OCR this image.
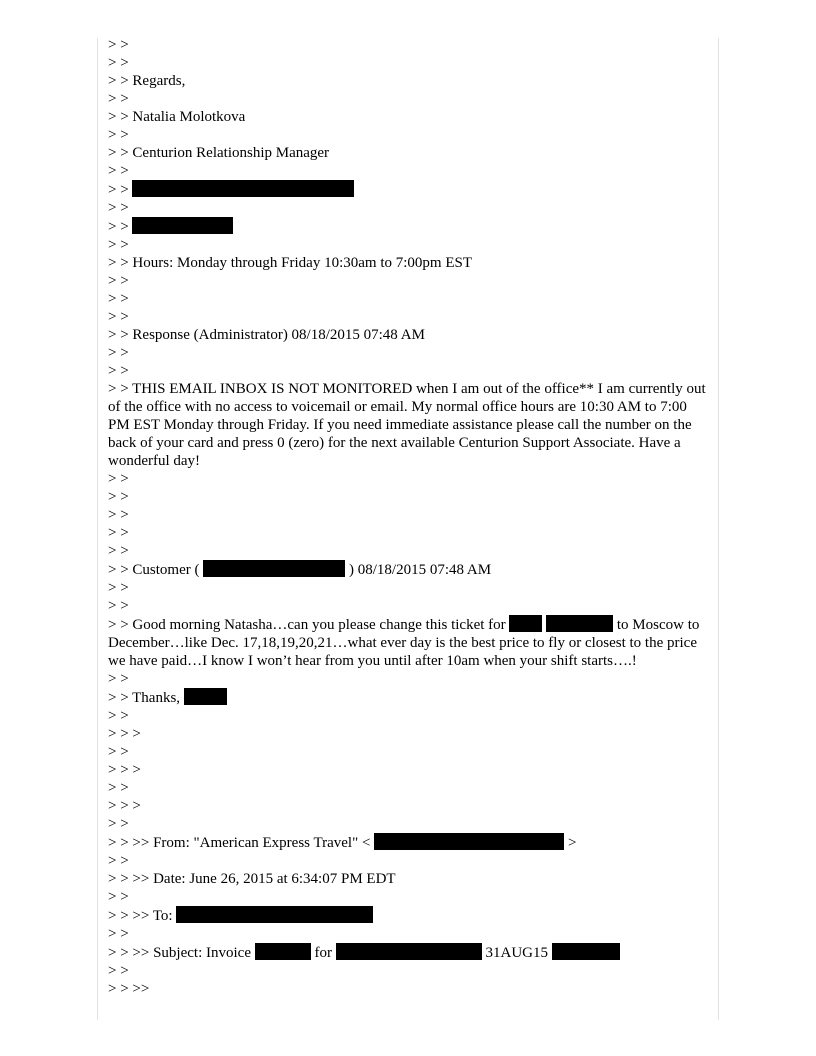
> >
> >
> > Regards,
> >
> > Natalia Molotkova
> >
> > Centurion Relationship Manager
> >
> >
> >
> >
> >
> > Hours: Monday through Friday 10:30am to 7:00pm EST
> >
> >
> >
> > Response (Administrator) 08/18/2015 07:48 AM
> >
> >
> > THIS EMAIL INBOX IS NOT MONITORED when I am out of the office** I am currently out of the office with no access to voicemail or email. My normal office hours are 10:30 AM to 7:00 PM EST Monday through Friday. If you need immediate assistance please call the number on the back of your card and press 0 (zero) for the next available Centurion Support Associate. Have a wonderful day!
> >
> >
> >
> >
> >
> > Customer (	) 08/18/2015 07:48 AM
> >
> >
> > Good morning Natasha…can you please change this ticket for	to Moscow to December…like Dec. 17,18,19,20,21…what ever day is the best price to fly or closest to the price we have paid…I know I won’t hear from you until after 10am when your shift starts….!
> >
> > Thanks,
> >
> > >
> >
> > >
> >
> > >
> >
> > >> From: "American Express Travel" <	>
> >
> > >> Date: June 26, 2015 at 6:34:07 PM EDT
> >
> > >> To:
> >
> > >> Subject: Invoice	for	31AUG15
> >
> > >>
